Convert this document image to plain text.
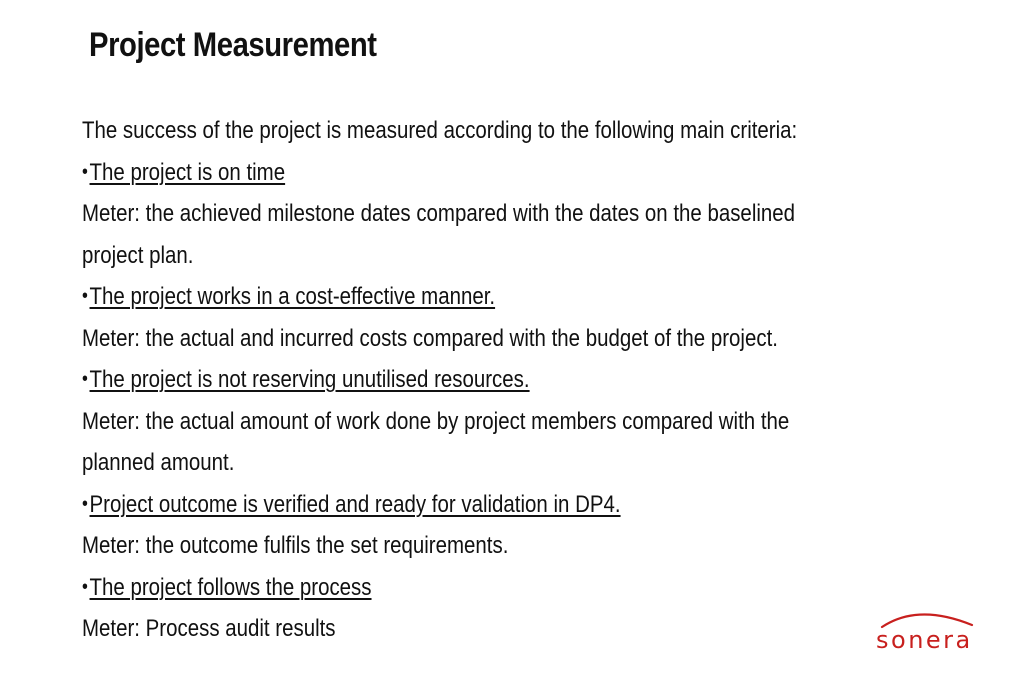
Project Measurement
The success of the project is measured according to the following main criteria:
•The project is on time
Meter: the achieved milestone dates compared with the dates on the baselined
project plan.
•The project works in a cost-effective manner.
Meter: the actual and incurred costs compared with the budget of the project.
•The project is not reserving unutilised resources.
Meter: the actual amount of work done by project members compared with the
planned amount.
•Project outcome is verified and ready for validation in DP4.
Meter: the outcome fulfils the set requirements.
•The project follows the process
Meter: Process audit results	sonera
